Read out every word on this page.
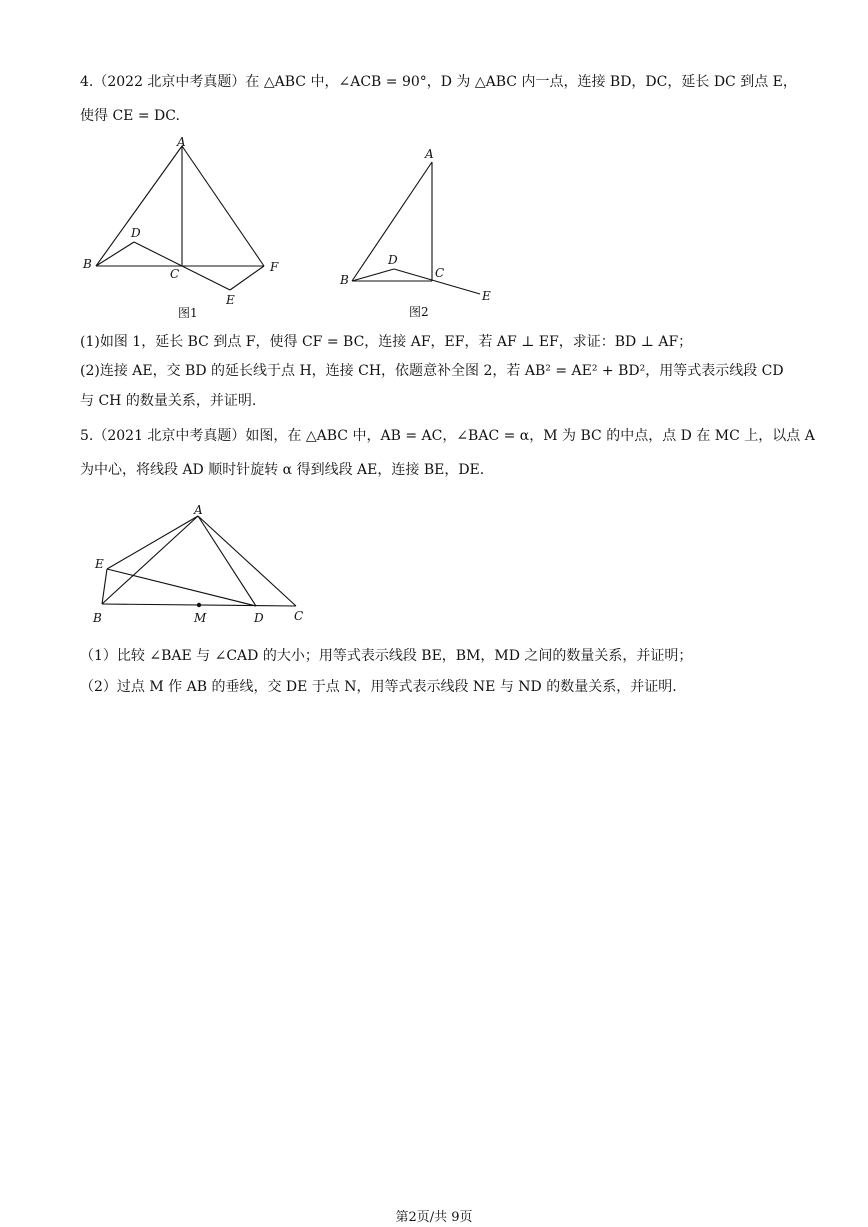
4.（2022 北京中考真题）在 △ABC 中，∠ACB = 90°，D 为 △ABC 内一点，连接 BD，DC，延长 DC 到点 E，
使得 CE = DC.
A
B
C
D
E
F
图1
A
B	C
D
E
图2
(1)如图 1，延长 BC 到点 F，使得 CF = BC，连接 AF，EF，若 AF ⊥ EF，求证：BD ⊥ AF；
(2)连接 AE，交 BD 的延长线于点 H，连接 CH，依题意补全图 2，若 AB² = AE² + BD²，用等式表示线段 CD
与 CH 的数量关系，并证明.
5.（2021 北京中考真题）如图，在 △ABC 中，AB = AC，∠BAC = α，M 为 BC 的中点，点 D 在 MC 上，以点 A
为中心，将线段 AD 顺时针旋转 α 得到线段 AE，连接 BE，DE.
A
B	C
D
E
M
（1）比较 ∠BAE 与 ∠CAD 的大小；用等式表示线段 BE，BM，MD 之间的数量关系，并证明；
（2）过点 M 作 AB 的垂线，交 DE 于点 N，用等式表示线段 NE 与 ND 的数量关系，并证明.
第2页/共 9页
